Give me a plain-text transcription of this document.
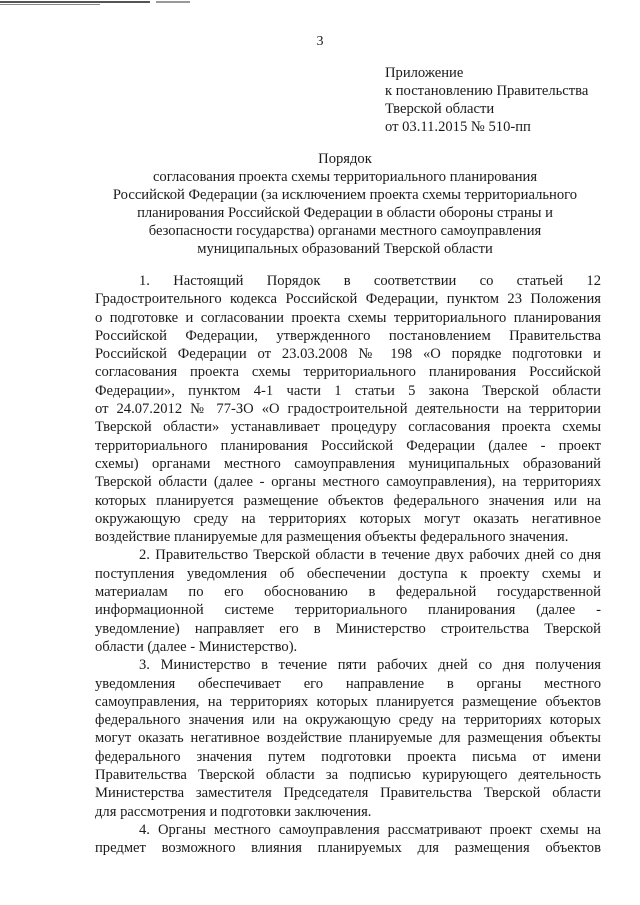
3
Приложение
к постановлению Правительства
Тверской области
от 03.11.2015 № 510-пп
Порядок
согласования проекта схемы территориального планирования
Российской Федерации (за исключением проекта схемы территориального
планирования Российской Федерации в области обороны страны и
безопасности государства) органами местного самоуправления
муниципальных образований Тверской области
1. Настоящий Порядок в соответствии со статьей 12
Градостроительного кодекса Российской Федерации, пунктом 23 Положения
о подготовке и согласовании проекта схемы территориального планирования
Российской Федерации, утвержденного постановлением Правительства
Российской Федерации от 23.03.2008 № 198 «О порядке подготовки и
согласования проекта схемы территориального планирования Российской
Федерации», пунктом 4-1 части 1 статьи 5 закона Тверской области
от 24.07.2012 № 77-ЗО «О градостроительной деятельности на территории
Тверской области» устанавливает процедуру согласования проекта схемы
территориального планирования Российской Федерации (далее - проект
схемы) органами местного самоуправления муниципальных образований
Тверской области (далее - органы местного самоуправления), на территориях
которых планируется размещение объектов федерального значения или на
окружающую среду на территориях которых могут оказать негативное
воздействие планируемые для размещения объекты федерального значения.
2. Правительство Тверской области в течение двух рабочих дней со дня
поступления уведомления об обеспечении доступа к проекту схемы и
материалам по его обоснованию в федеральной государственной
информационной системе территориального планирования (далее -
уведомление) направляет его в Министерство строительства Тверской
области (далее - Министерство).
3. Министерство в течение пяти рабочих дней со дня получения
уведомления обеспечивает его направление в органы местного
самоуправления, на территориях которых планируется размещение объектов
федерального значения или на окружающую среду на территориях которых
могут оказать негативное воздействие планируемые для размещения объекты
федерального значения путем подготовки проекта письма от имени
Правительства Тверской области за подписью курирующего деятельность
Министерства заместителя Председателя Правительства Тверской области
для рассмотрения и подготовки заключения.
4. Органы местного самоуправления рассматривают проект схемы на
предмет возможного влияния планируемых для размещения объектов
